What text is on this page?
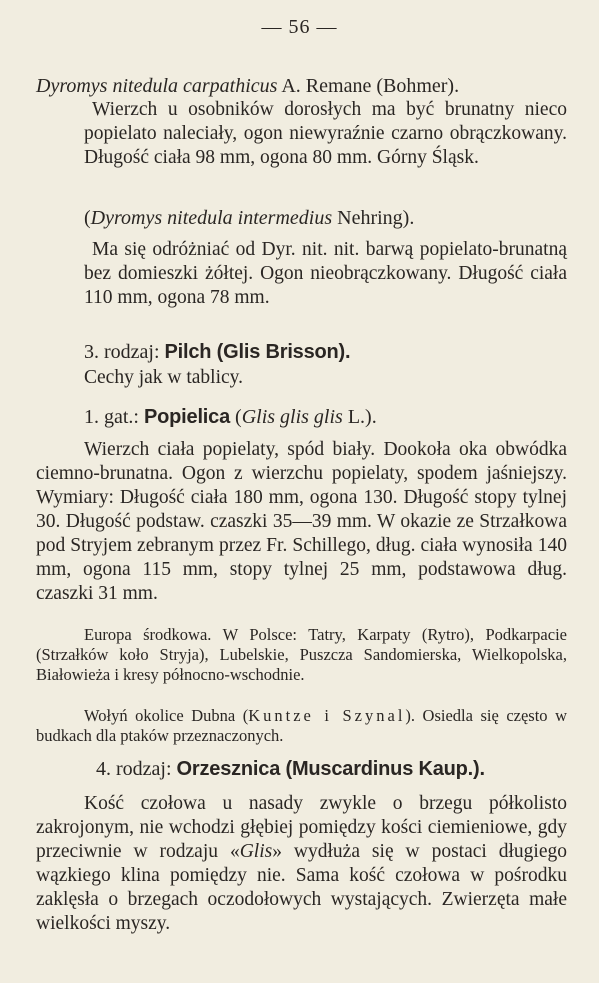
— 56 —
Dyromys nitedula carpathicus A. Remane (Bohmer).

Wierzch u osobników dorosłych ma być brunatny nieco popielato naleciały, ogon niewyraźnie czarno obrączkowany. Długość ciała 98 mm, ogona 80 mm. Górny Śląsk.

(Dyromys nitedula intermedius Nehring).

Ma się odróżniać od Dyr. nit. nit. barwą popielato-brunatną bez domieszki żółtej. Ogon nieobrączkowany. Długość ciała 110 mm, ogona 78 mm.

3. rodzaj: Pilch (Glis Brisson).

Cechy jak w tablicy.

1. gat.: Popielica (Glis glis glis L.).

Wierzch ciała popielaty, spód biały. Dookoła oka obwódka ciemno-brunatna. Ogon z wierzchu popielaty, spodem jaśniejszy. Wymiary: Długość ciała 180 mm, ogona 130. Długość stopy tylnej 30. Długość podstaw. czaszki 35—39 mm. W okazie ze Strzałkowa pod Stryjem zebranym przez Fr. Schillego, dług. ciała wynosiła 140 mm, ogona 115 mm, stopy tylnej 25 mm, podstawowa dług. czaszki 31 mm.

Europa środkowa. W Polsce: Tatry, Karpaty (Rytro), Podkarpacie (Strzałków koło Stryja), Lubelskie, Puszcza Sandomierska, Wielkopolska, Białowieża i kresy północno-wschodnie.

Wołyń okolice Dubna (Kuntze i Szynal). Osiedla się często w budkach dla ptaków przeznaczonych.

4. rodzaj: Orzesznica (Muscardinus Kaup.).

Kość czołowa u nasady zwykle o brzegu półkolisto zakrojonym, nie wchodzi głębiej pomiędzy kości ciemieniowe, gdy przeciwnie w rodzaju «Glis» wydłuża się w postaci długiego wązkiego klina pomiędzy nie. Sama kość czołowa w pośrodku zaklęsła o brzegach oczodołowych wystających. Zwierzęta małe wielkości myszy.
